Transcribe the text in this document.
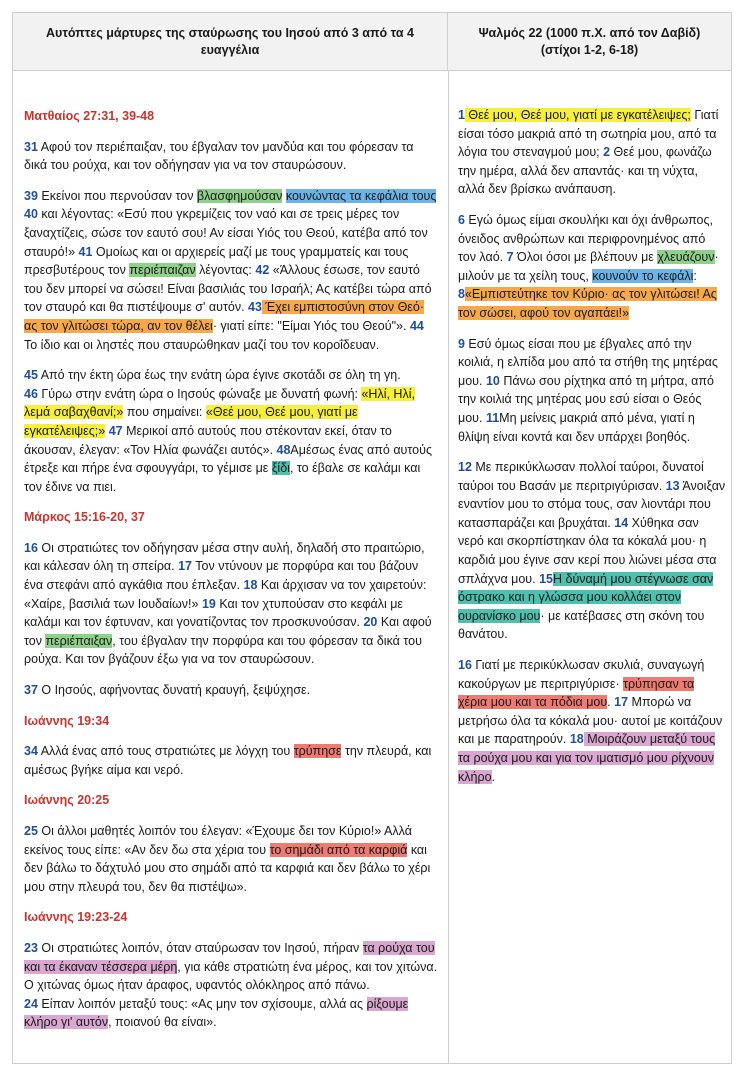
Αυτόπτες μάρτυρες της σταύρωσης του Ιησού από 3 από τα 4 ευαγγέλια
Ψαλμός 22 (1000 π.Χ. από τον Δαβίδ) (στίχοι 1-2, 6-18)

Ματθαίος 27:31, 39-48

31 Αφού τον περιέπαιξαν, του έβγαλαν τον μανδύα και του φόρεσαν τα δικά του ρούχα, και τον οδήγησαν για να τον σταυρώσουν.

39 Εκείνοι που περνούσαν τον βλασφημούσαν κουνώντας τα κεφάλια τους 40 και λέγοντας: «Εσύ που γκρεμίζεις τον ναό και σε τρεις μέρες τον ξαναχτίζεις, σώσε τον εαυτό σου! Αν είσαι Υιός του Θεού, κατέβα από τον σταυρό!» 41 Ομοίως και οι αρχιερείς μαζί με τους γραμματείς και τους πρεσβυτέρους τον περιέπαιζαν λέγοντας: 42 «Άλλους έσωσε, τον εαυτό του δεν μπορεί να σώσει! Είναι βασιλιάς του Ισραήλ; Ας κατέβει τώρα από τον σταυρό και θα πιστέψουμε σ' αυτόν. 43 Έχει εμπιστοσύνη στον Θεό· ας τον γλιτώσει τώρα, αν τον θέλει· γιατί είπε: "Είμαι Υιός του Θεού"». 44 Το ίδιο και οι ληστές που σταυρώθηκαν μαζί του τον κοροΐδευαν.

45 Από την έκτη ώρα έως την ενάτη ώρα έγινε σκοτάδι σε όλη τη γη.
46 Γύρω στην ενάτη ώρα ο Ιησούς φώναξε με δυνατή φωνή: «Ηλί, Ηλί, λεμά σαβαχθανί;» που σημαίνει: «Θεέ μου, Θεέ μου, γιατί με εγκατέλειψες;» 47 Μερικοί από αυτούς που στέκονταν εκεί, όταν το άκουσαν, έλεγαν: «Τον Ηλία φωνάζει αυτός». 48Αμέσως ένας από αυτούς έτρεξε και πήρε ένα σφουγγάρι, το γέμισε με ξίδι, το έβαλε σε καλάμι και τον έδινε να πιει.

Μάρκος 15:16-20, 37

16 Οι στρατιώτες τον οδήγησαν μέσα στην αυλή, δηλαδή στο πραιτώριο, και κάλεσαν όλη τη σπείρα. 17 Τον ντύνουν με πορφύρα και του βάζουν ένα στεφάνι από αγκάθια που έπλεξαν. 18 Και άρχισαν να τον χαιρετούν: «Χαίρε, βασιλιά των Ιουδαίων!» 19 Και τον χτυπούσαν στο κεφάλι με καλάμι και τον έφτυναν, και γονατίζοντας τον προσκυνούσαν. 20 Και αφού τον περιέπαιξαν, του έβγαλαν την πορφύρα και του φόρεσαν τα δικά του ρούχα. Και τον βγάζουν έξω για να τον σταυρώσουν.

37 Ο Ιησούς, αφήνοντας δυνατή κραυγή, ξεψύχησε.

Ιωάννης 19:34

34 Αλλά ένας από τους στρατιώτες με λόγχη του τρύπησε την πλευρά, και αμέσως βγήκε αίμα και νερό.

Ιωάννης 20:25

25 Οι άλλοι μαθητές λοιπόν του έλεγαν: «Έχουμε δει τον Κύριο!» Αλλά εκείνος τους είπε: «Αν δεν δω στα χέρια του το σημάδι από τα καρφιά και δεν βάλω το δάχτυλό μου στο σημάδι από τα καρφιά και δεν βάλω το χέρι μου στην πλευρά του, δεν θα πιστέψω».

Ιωάννης 19:23-24

23 Οι στρατιώτες λοιπόν, όταν σταύρωσαν τον Ιησού, πήραν τα ρούχα του και τα έκαναν τέσσερα μέρη, για κάθε στρατιώτη ένα μέρος, και τον χιτώνα. Ο χιτώνας όμως ήταν άραφος, υφαντός ολόκληρος από πάνω.
24 Είπαν λοιπόν μεταξύ τους: «Ας μην τον σχίσουμε, αλλά ας ρίξουμε κλήρο γι' αυτόν, ποιανού θα είναι».

1 Θεέ μου, Θεέ μου, γιατί με εγκατέλειψες; Γιατί είσαι τόσο μακριά από τη σωτηρία μου, από τα λόγια του στεναγμού μου; 2 Θεέ μου, φωνάζω την ημέρα, αλλά δεν απαντάς· και τη νύχτα, αλλά δεν βρίσκω ανάπαυση.

6 Εγώ όμως είμαι σκουλήκι και όχι άνθρωπος, όνειδος ανθρώπων και περιφρονημένος από τον λαό. 7 Όλοι όσοι με βλέπουν με χλευάζουν· μιλούν με τα χείλη τους, κουνούν το κεφάλι:
8«Εμπιστεύτηκε τον Κύριο· ας τον γλιτώσει! Ας τον σώσει, αφού τον αγαπάει!»

9 Εσύ όμως είσαι που με έβγαλες από την κοιλιά, η ελπίδα μου από τα στήθη της μητέρας μου. 10 Πάνω σου ρίχτηκα από τη μήτρα, από την κοιλιά της μητέρας μου εσύ είσαι ο Θεός μου. 11Μη μείνεις μακριά από μένα, γιατί η θλίψη είναι κοντά και δεν υπάρχει βοηθός.

12 Με περικύκλωσαν πολλοί ταύροι, δυνατοί ταύροι του Βασάν με περιτριγύρισαν. 13 Άνοιξαν εναντίον μου το στόμα τους, σαν λιοντάρι που κατασπαράζει και βρυχάται. 14 Χύθηκα σαν νερό και σκορπίστηκαν όλα τα κόκαλά μου· η καρδιά μου έγινε σαν κερί που λιώνει μέσα στα σπλάχνα μου. 15Η δύναμή μου στέγνωσε σαν όστρακο και η γλώσσα μου κολλάει στον ουρανίσκο μου· με κατέβασες στη σκόνη του θανάτου.

16 Γιατί με περικύκλωσαν σκυλιά, συναγωγή κακούργων με περιτριγύρισε· τρύπησαν τα χέρια μου και τα πόδια μου. 17 Μπορώ να μετρήσω όλα τα κόκαλά μου· αυτοί με κοιτάζουν και με παρατηρούν. 18 Μοιράζουν μεταξύ τους τα ρούχα μου και για τον ιματισμό μου ρίχνουν κλήρο.
